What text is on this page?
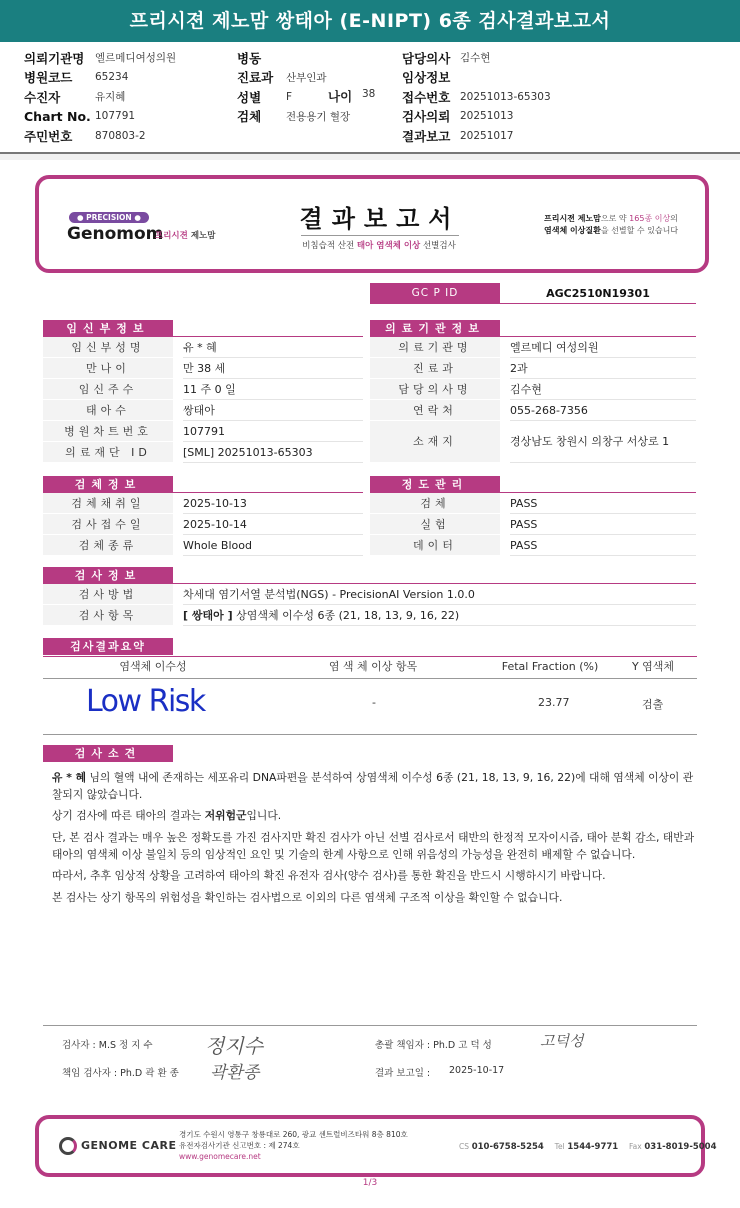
프리시젼 제노맘 쌍태아 (E-NIPT) 6종 검사결과보고서
의뢰기관명	엘르메디여성의원
병원코드	65234
수진자	유지혜
Chart No. 107791
주민번호	870803-2
병동
진료과	산부인과
성별	F
검체	전용용기 혈장
담당의사 김수현
임상정보
접수번호 20251013-65303
검사의뢰 20251013
결과보고 20251017
나이 38
● PRECISION ●
Genomom
프리시젼 제노맘
결과보고서
비침습적 산전 태아 염색체 이상 선별검사
프리시젼 제노맘으로 약 165종 이상의
염색체 이상질환을 선별할 수 있습니다
GC P ID	AGC2510N19301
임신부정보
임신부성명	유 * 혜
만나이	만 38 세
임신주수	11 주 0 일
태아수	쌍태아
병원차트번호	107791
의료재단 ID	[SML] 20251013-65303
의료기관정보
의료기관명	엘르메디 여성의원
진료과	2과
담당의사명	김수현
연락처	055-268-7356
소재지	경상남도 창원시 의창구 서상로 1
검체정보
검체채취일	2025-10-13
검사접수일	2025-10-14
검체종류	Whole Blood
정도관리
검체	PASS
실험	PASS
데이터	PASS
검사정보
검사방법	차세대 염기서열 분석법(NGS) - PrecisionAI Version 1.0.0
검사항목	[ 쌍태아 ] 상염색체 이수성 6종 (21, 18, 13, 9, 16, 22)
검사결과요약
염색체 이수성	염 색 체 이상 항목	Fetal Fraction (%)	Y 염색체
Low Risk	-	23.77	검출
검사소견
유 * 혜 님의 혈액 내에 존재하는 세포유리 DNA파편을 분석하여 상염색체 이수성 6종 (21, 18, 13, 9, 16, 22)에 대해 염색체 이상이 관찰되지 않았습니다.
상기 검사에 따른 태아의 결과는 저위험군입니다.
단, 본 검사 결과는 매우 높은 정확도를 가진 검사지만 확진 검사가 아닌 선별 검사로서 태반의 한정적 모자이시즘, 태아 분획 감소, 태반과 태아의 염색체 이상 불일치 등의 임상적인 요인 및 기술의 한계 사항으로 인해 위음성의 가능성을 완전히 배제할 수 없습니다.
따라서, 추후 임상적 상황을 고려하여 태아의 확진 유전자 검사(양수 검사)를 통한 확진을 반드시 시행하시기 바랍니다.
본 검사는 상기 항목의 위험성을 확인하는 검사법으로 이외의 다른 염색체 구조적 이상을 확인할 수 없습니다.
검사자 : M.S 정 지 수	정지수
책임 검사자 : Ph.D 곽 환 종 곽환종
총괄 책임자 : Ph.D 고 덕 성	고덕성
결과 보고일 : 2025-10-17
GENOME CARE
경기도 수원시 영통구 창룡대로 260, 광교 센트럴비즈타워 8층 810호
유전자검사기관 신고번호 : 제 274호
www.genomecare.net
CS 010-6758-5254 Tel 1544-9771 Fax 031-8019-5004
1/3
